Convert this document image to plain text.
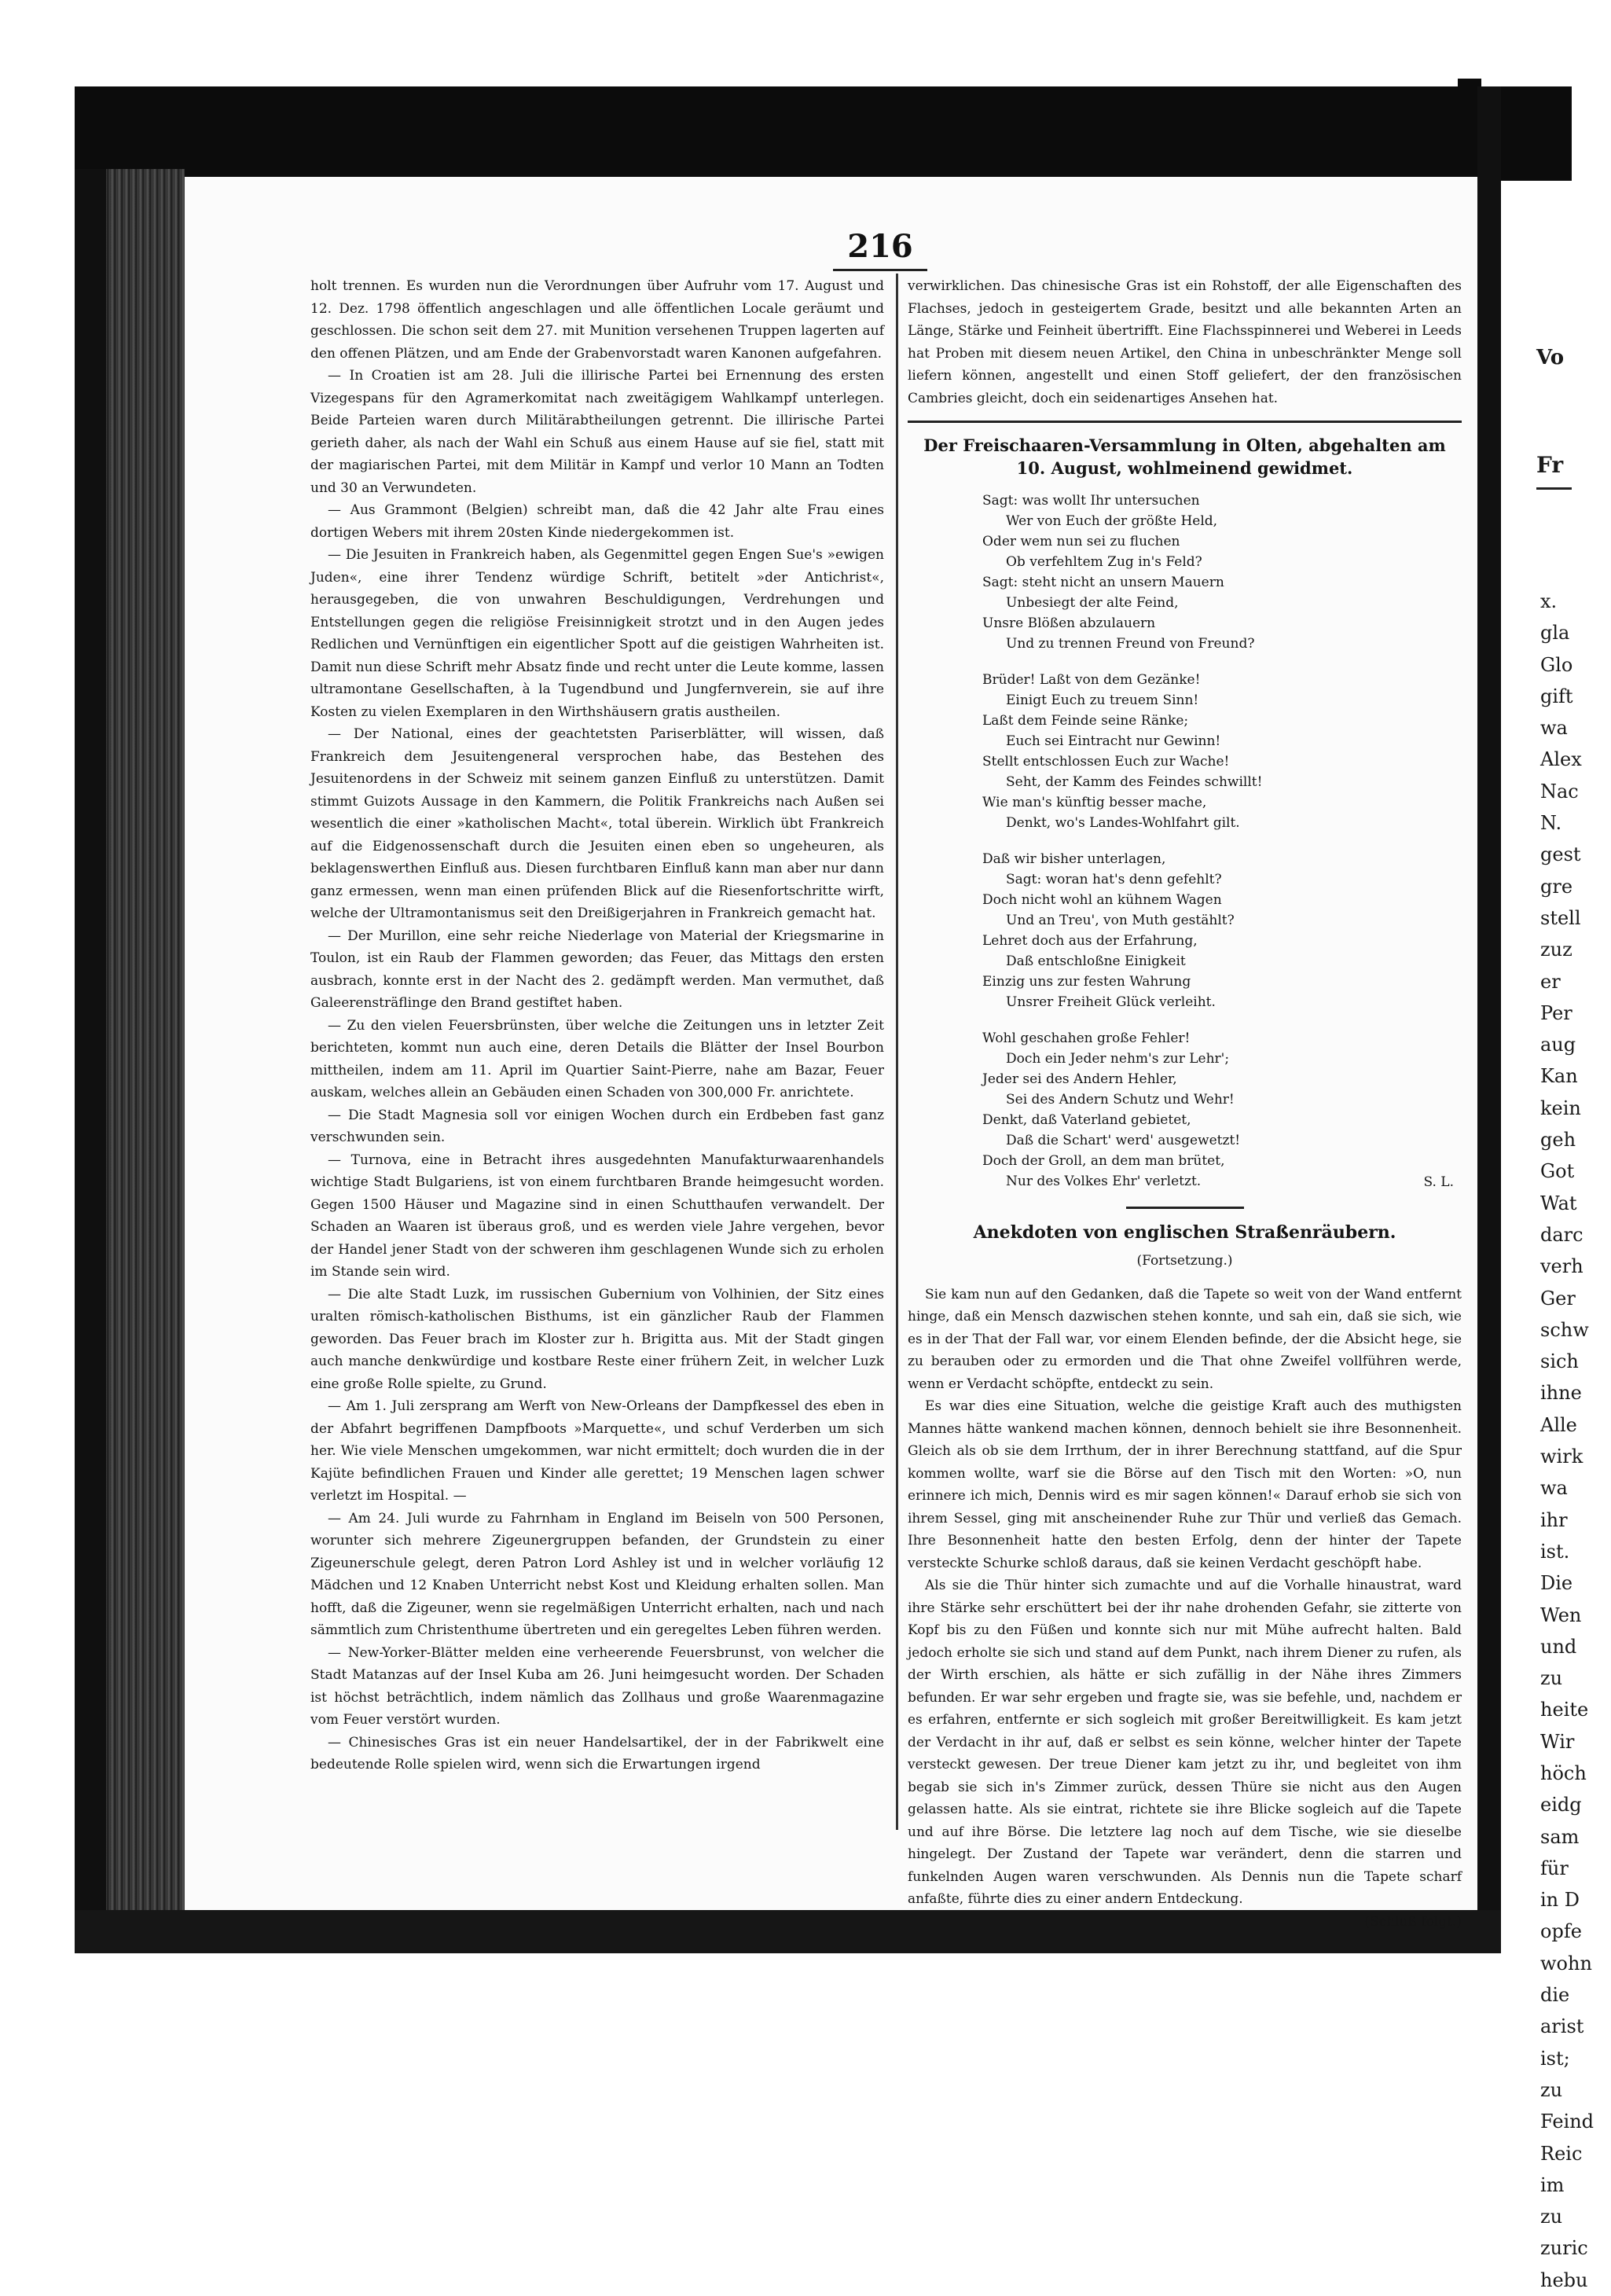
216

holt trennen. Es wurden nun die Verordnungen über Aufruhr vom 17. August und 12. Dez. 1798 öffentlich angeschlagen und alle öffentlichen Locale geräumt und geschlossen. Die schon seit dem 27. mit Munition versehenen Truppen lagerten auf den offenen Plätzen, und am Ende der Grabenvorstadt waren Kanonen aufgefahren.

— In Croatien ist am 28. Juli die illirische Partei bei Ernennung des ersten Vizegespans für den Agramerkomitat nach zweitägigem Wahlkampf unterlegen. Beide Parteien waren durch Militärabtheilungen getrennt. Die illirische Partei gerieth daher, als nach der Wahl ein Schuß aus einem Hause auf sie fiel, statt mit der magiarischen Partei, mit dem Militär in Kampf und verlor 10 Mann an Todten und 30 an Verwundeten.

— Aus Grammont (Belgien) schreibt man, daß die 42 Jahr alte Frau eines dortigen Webers mit ihrem 20sten Kinde niedergekommen ist.

— Die Jesuiten in Frankreich haben, als Gegenmittel gegen Engen Sue's »ewigen Juden«, eine ihrer Tendenz würdige Schrift, betitelt »der Antichrist«, herausgegeben, die von unwahren Beschuldigungen, Verdrehungen und Entstellungen gegen die religiöse Freisinnigkeit strotzt und in den Augen jedes Redlichen und Vernünftigen ein eigentlicher Spott auf die geistigen Wahrheiten ist. Damit nun diese Schrift mehr Absatz finde und recht unter die Leute komme, lassen ultramontane Gesellschaften, à la Tugendbund und Jungfernverein, sie auf ihre Kosten zu vielen Exemplaren in den Wirthshäusern gratis austheilen.

— Der National, eines der geachtetsten Pariserblätter, will wissen, daß Frankreich dem Jesuitengeneral versprochen habe, das Bestehen des Jesuitenordens in der Schweiz mit seinem ganzen Einfluß zu unterstützen. Damit stimmt Guizots Aussage in den Kammern, die Politik Frankreichs nach Außen sei wesentlich die einer »katholischen Macht«, total überein. Wirklich übt Frankreich auf die Eidgenossenschaft durch die Jesuiten einen eben so ungeheuren, als beklagenswerthen Einfluß aus. Diesen furchtbaren Einfluß kann man aber nur dann ganz ermessen, wenn man einen prüfenden Blick auf die Riesenfortschritte wirft, welche der Ultramontanismus seit den Dreißigerjahren in Frankreich gemacht hat.

— Der Murillon, eine sehr reiche Niederlage von Material der Kriegsmarine in Toulon, ist ein Raub der Flammen geworden; das Feuer, das Mittags den ersten ausbrach, konnte erst in der Nacht des 2. gedämpft werden. Man vermuthet, daß Galeerensträflinge den Brand gestiftet haben.

— Zu den vielen Feuersbrünsten, über welche die Zeitungen uns in letzter Zeit berichteten, kommt nun auch eine, deren Details die Blätter der Insel Bourbon mittheilen, indem am 11. April im Quartier Saint-Pierre, nahe am Bazar, Feuer auskam, welches allein an Gebäuden einen Schaden von 300,000 Fr. anrichtete.

— Die Stadt Magnesia soll vor einigen Wochen durch ein Erdbeben fast ganz verschwunden sein.

— Turnova, eine in Betracht ihres ausgedehnten Manufakturwaarenhandels wichtige Stadt Bulgariens, ist von einem furchtbaren Brande heimgesucht worden. Gegen 1500 Häuser und Magazine sind in einen Schutthaufen verwandelt. Der Schaden an Waaren ist überaus groß, und es werden viele Jahre vergehen, bevor der Handel jener Stadt von der schweren ihm geschlagenen Wunde sich zu erholen im Stande sein wird.

— Die alte Stadt Luzk, im russischen Gubernium von Volhinien, der Sitz eines uralten römisch-katholischen Bisthums, ist ein gänzlicher Raub der Flammen geworden. Das Feuer brach im Kloster zur h. Brigitta aus. Mit der Stadt gingen auch manche denkwürdige und kostbare Reste einer frühern Zeit, in welcher Luzk eine große Rolle spielte, zu Grund.

— Am 1. Juli zersprang am Werft von New-Orleans der Dampfkessel des eben in der Abfahrt begriffenen Dampfboots »Marquette«, und schuf Verderben um sich her. Wie viele Menschen umgekommen, war nicht ermittelt; doch wurden die in der Kajüte befindlichen Frauen und Kinder alle gerettet; 19 Menschen lagen schwer verletzt im Hospital. —

— Am 24. Juli wurde zu Fahrnham in England im Beiseln von 500 Personen, worunter sich mehrere Zigeunergruppen befanden, der Grundstein zu einer Zigeunerschule gelegt, deren Patron Lord Ashley ist und in welcher vorläufig 12 Mädchen und 12 Knaben Unterricht nebst Kost und Kleidung erhalten sollen. Man hofft, daß die Zigeuner, wenn sie regelmäßigen Unterricht erhalten, nach und nach sämmtlich zum Christenthume übertreten und ein geregeltes Leben führen werden.

— New-Yorker-Blätter melden eine verheerende Feuersbrunst, von welcher die Stadt Matanzas auf der Insel Kuba am 26. Juni heimgesucht worden. Der Schaden ist höchst beträchtlich, indem nämlich das Zollhaus und große Waarenmagazine vom Feuer verstört wurden.

— Chinesisches Gras ist ein neuer Handelsartikel, der in der Fabrikwelt eine bedeutende Rolle spielen wird, wenn sich die Erwartungen irgend

verwirklichen. Das chinesische Gras ist ein Rohstoff, der alle Eigenschaften des Flachses, jedoch in gesteigertem Grade, besitzt und alle bekannten Arten an Länge, Stärke und Feinheit übertrifft. Eine Flachsspinnerei und Weberei in Leeds hat Proben mit diesem neuen Artikel, den China in unbeschränkter Menge soll liefern können, angestellt und einen Stoff geliefert, der den französischen Cambries gleicht, doch ein seidenartiges Ansehen hat.

Der Freischaaren-Versammlung in Olten, abgehalten am 10. August, wohlmeinend gewidmet.
Sagt: was wollt Ihr untersuchen
Wer von Euch der größte Held,
Oder wem nun sei zu fluchen
Ob verfehltem Zug in's Feld?
Sagt: steht nicht an unsern Mauern
Unbesiegt der alte Feind,
Unsre Blößen abzulauern
Und zu trennen Freund von Freund?
Brüder! Laßt von dem Gezänke!
Einigt Euch zu treuem Sinn!
Laßt dem Feinde seine Ränke;
Euch sei Eintracht nur Gewinn!
Stellt entschlossen Euch zur Wache!
Seht, der Kamm des Feindes schwillt!
Wie man's künftig besser mache,
Denkt, wo's Landes-Wohlfahrt gilt.
Daß wir bisher unterlagen,
Sagt: woran hat's denn gefehlt?
Doch nicht wohl an kühnem Wagen
Und an Treu', von Muth gestählt?
Lehret doch aus der Erfahrung,
Daß entschloßne Einigkeit
Einzig uns zur festen Wahrung
Unsrer Freiheit Glück verleiht.
Wohl geschahen große Fehler!
Doch ein Jeder nehm's zur Lehr';
Jeder sei des Andern Hehler,
Sei des Andern Schutz und Wehr!
Denkt, daß Vaterland gebietet,
Daß die Schart' werd' ausgewetzt!
Doch der Groll, an dem man brütet,
Nur des Volkes Ehr' verletzt.	S. L.
Anekdoten von englischen Straßenräubern.
(Fortsetzung.)

Sie kam nun auf den Gedanken, daß die Tapete so weit von der Wand entfernt hinge, daß ein Mensch dazwischen stehen konnte, und sah ein, daß sie sich, wie es in der That der Fall war, vor einem Elenden befinde, der die Absicht hege, sie zu berauben oder zu ermorden und die That ohne Zweifel vollführen werde, wenn er Verdacht schöpfte, entdeckt zu sein.

Es war dies eine Situation, welche die geistige Kraft auch des muthigsten Mannes hätte wankend machen können, dennoch behielt sie ihre Besonnenheit. Gleich als ob sie dem Irrthum, der in ihrer Berechnung stattfand, auf die Spur kommen wollte, warf sie die Börse auf den Tisch mit den Worten: »O, nun erinnere ich mich, Dennis wird es mir sagen können!« Darauf erhob sie sich von ihrem Sessel, ging mit anscheinender Ruhe zur Thür und verließ das Gemach. Ihre Besonnenheit hatte den besten Erfolg, denn der hinter der Tapete versteckte Schurke schloß daraus, daß sie keinen Verdacht geschöpft habe.

Als sie die Thür hinter sich zumachte und auf die Vorhalle hinaustrat, ward ihre Stärke sehr erschüttert bei der ihr nahe drohenden Gefahr, sie zitterte von Kopf bis zu den Füßen und konnte sich nur mit Mühe aufrecht halten. Bald jedoch erholte sie sich und stand auf dem Punkt, nach ihrem Diener zu rufen, als der Wirth erschien, als hätte er sich zufällig in der Nähe ihres Zimmers befunden. Er war sehr ergeben und fragte sie, was sie befehle, und, nachdem er es erfahren, entfernte er sich sogleich mit großer Bereitwilligkeit. Es kam jetzt der Verdacht in ihr auf, daß er selbst es sein könne, welcher hinter der Tapete versteckt gewesen. Der treue Diener kam jetzt zu ihr, und begleitet von ihm begab sie sich in's Zimmer zurück, dessen Thüre sie nicht aus den Augen gelassen hatte. Als sie eintrat, richtete sie ihre Blicke sogleich auf die Tapete und auf ihre Börse. Die letztere lag noch auf dem Tische, wie sie dieselbe hingelegt. Der Zustand der Tapete war verändert, denn die starren und funkelnden Augen waren verschwunden. Als Dennis nun die Tapete scharf anfaßte, führte dies zu einer andern Entdeckung.

(Schluß folgt.)

Vo
Fr
x.
gla
Glo
gift
wa
Alex
Nac
N.
gest
gre
stell
zuz
er
Per
aug
Kan
kein
geh
Got
Wat
darc
verh
Ger
schw
sich
ihne
Alle
wirk
wa
ihr
ist.
Die
Wen
und
zu
heite
Wir
höch
eidg
sam
für
in D
opfe
wohn
die
arist
ist;
zu
Feind
Reic
im
zu
zuric
hebu
